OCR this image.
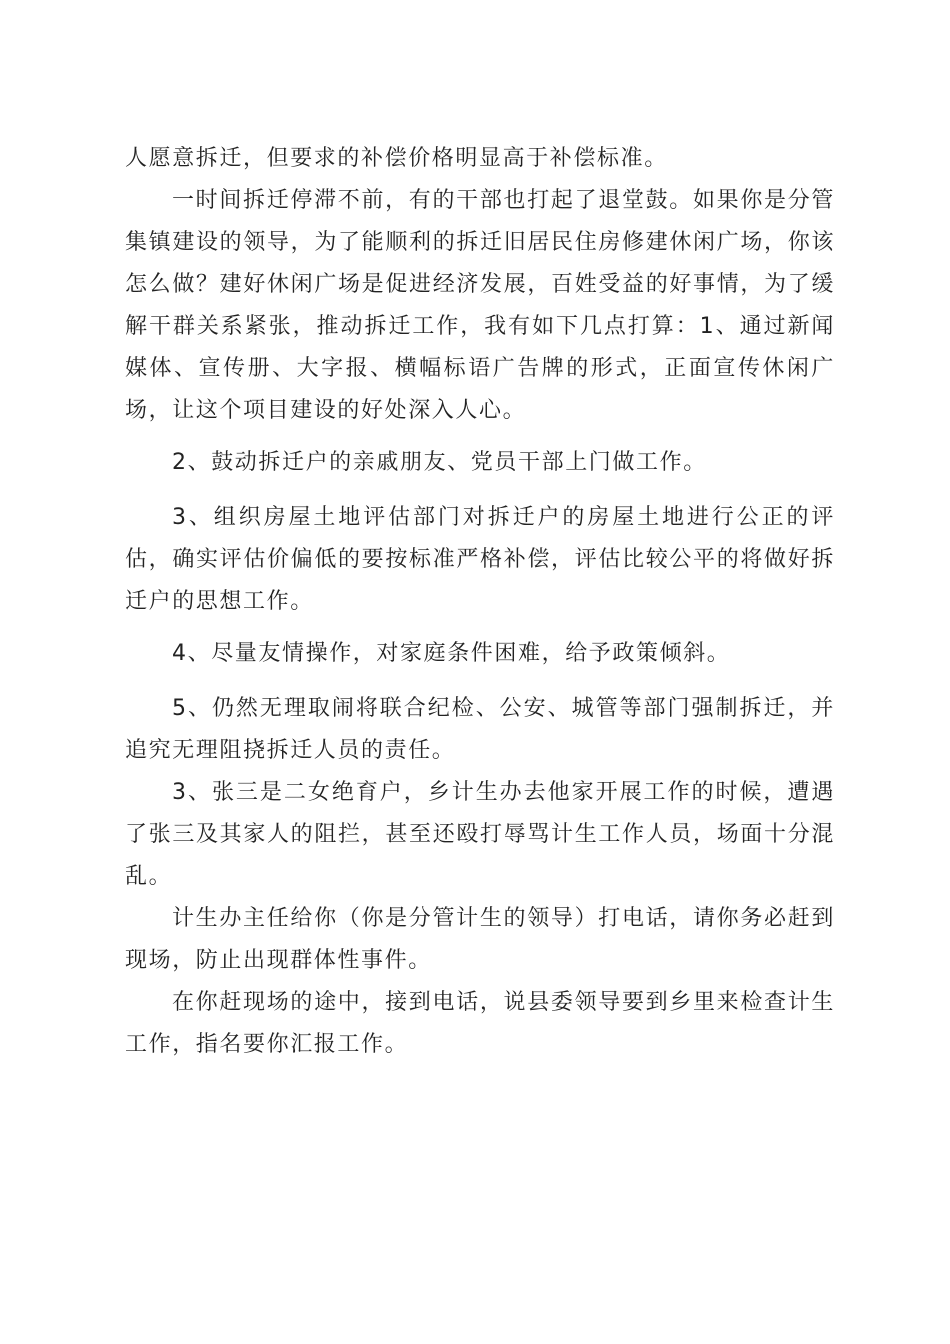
人愿意拆迁，但要求的补偿价格明显高于补偿标准。

一时间拆迁停滞不前，有的干部也打起了退堂鼓。如果你是分管集镇建设的领导，为了能顺利的拆迁旧居民住房修建休闲广场，你该怎么做？建好休闲广场是促进经济发展，百姓受益的好事情，为了缓解干群关系紧张，推动拆迁工作，我有如下几点打算：1、通过新闻媒体、宣传册、大字报、横幅标语广告牌的形式，正面宣传休闲广场，让这个项目建设的好处深入人心。

2、鼓动拆迁户的亲戚朋友、党员干部上门做工作。

3、组织房屋土地评估部门对拆迁户的房屋土地进行公正的评估，确实评估价偏低的要按标准严格补偿，评估比较公平的将做好拆迁户的思想工作。

4、尽量友情操作，对家庭条件困难，给予政策倾斜。

5、仍然无理取闹将联合纪检、公安、城管等部门强制拆迁，并追究无理阻挠拆迁人员的责任。

3、张三是二女绝育户，乡计生办去他家开展工作的时候，遭遇了张三及其家人的阻拦，甚至还殴打辱骂计生工作人员，场面十分混乱。

计生办主任给你（你是分管计生的领导）打电话，请你务必赶到现场，防止出现群体性事件。

在你赶现场的途中，接到电话，说县委领导要到乡里来检查计生工作，指名要你汇报工作。
